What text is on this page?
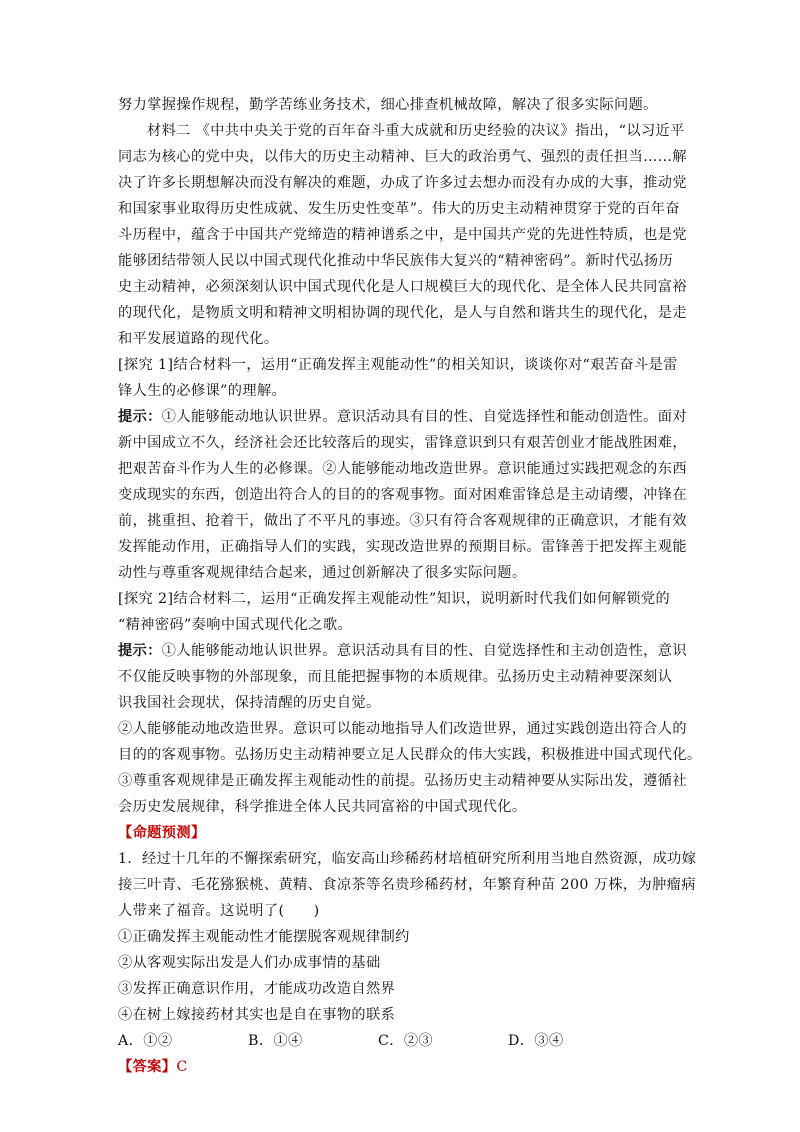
努力掌握操作规程，勤学苦练业务技术，细心排查机械故障，解决了很多实际问题。
材料二 《中共中央关于党的百年奋斗重大成就和历史经验的决议》指出，“以习近平
同志为核心的党中央，以伟大的历史主动精神、巨大的政治勇气、强烈的责任担当……解
决了许多长期想解决而没有解决的难题，办成了许多过去想办而没有办成的大事，推动党
和国家事业取得历史性成就、发生历史性变革”。伟大的历史主动精神贯穿于党的百年奋
斗历程中，蕴含于中国共产党缔造的精神谱系之中，是中国共产党的先进性特质，也是党
能够团结带领人民以中国式现代化推动中华民族伟大复兴的“精神密码”。新时代弘扬历
史主动精神，必须深刻认识中国式现代化是人口规模巨大的现代化、是全体人民共同富裕
的现代化，是物质文明和精神文明相协调的现代化，是人与自然和谐共生的现代化，是走
和平发展道路的现代化。
[探究 1]结合材料一，运用“正确发挥主观能动性”的相关知识，谈谈你对“艰苦奋斗是雷
锋人生的必修课”的理解。
提示：①人能够能动地认识世界。意识活动具有目的性、自觉选择性和能动创造性。面对
新中国成立不久，经济社会还比较落后的现实，雷锋意识到只有艰苦创业才能战胜困难，
把艰苦奋斗作为人生的必修课。②人能够能动地改造世界。意识能通过实践把观念的东西
变成现实的东西，创造出符合人的目的的客观事物。面对困难雷锋总是主动请缨，冲锋在
前，挑重担、抢着干，做出了不平凡的事迹。③只有符合客观规律的正确意识，才能有效
发挥能动作用，正确指导人们的实践，实现改造世界的预期目标。雷锋善于把发挥主观能
动性与尊重客观规律结合起来，通过创新解决了很多实际问题。
[探究 2]结合材料二，运用“正确发挥主观能动性”知识，说明新时代我们如何解锁党的
“精神密码”奏响中国式现代化之歌。
提示：①人能够能动地认识世界。意识活动具有目的性、自觉选择性和主动创造性，意识
不仅能反映事物的外部现象，而且能把握事物的本质规律。弘扬历史主动精神要深刻认
识我国社会现状，保持清醒的历史自觉。
②人能够能动地改造世界。意识可以能动地指导人们改造世界，通过实践创造出符合人的
目的的客观事物。弘扬历史主动精神要立足人民群众的伟大实践，积极推进中国式现代化。
③尊重客观规律是正确发挥主观能动性的前提。弘扬历史主动精神要从实际出发，遵循社
会历史发展规律，科学推进全体人民共同富裕的中国式现代化。
【命题预测】
1．经过十几年的不懈探索研究，临安高山珍稀药材培植研究所利用当地自然资源，成功嫁
接三叶青、毛花猕猴桃、黄精、食凉茶等名贵珍稀药材，年繁育种苗 200 万株，为肿瘤病
人带来了福音。这说明了(　　)
①正确发挥主观能动性才能摆脱客观规律制约
②从客观实际出发是人们办成事情的基础
③发挥正确意识作用，才能成功改造自然界
④在树上嫁接药材其实也是自在事物的联系
A．①②	B．①④	C．②③	D．③④
【答案】C
